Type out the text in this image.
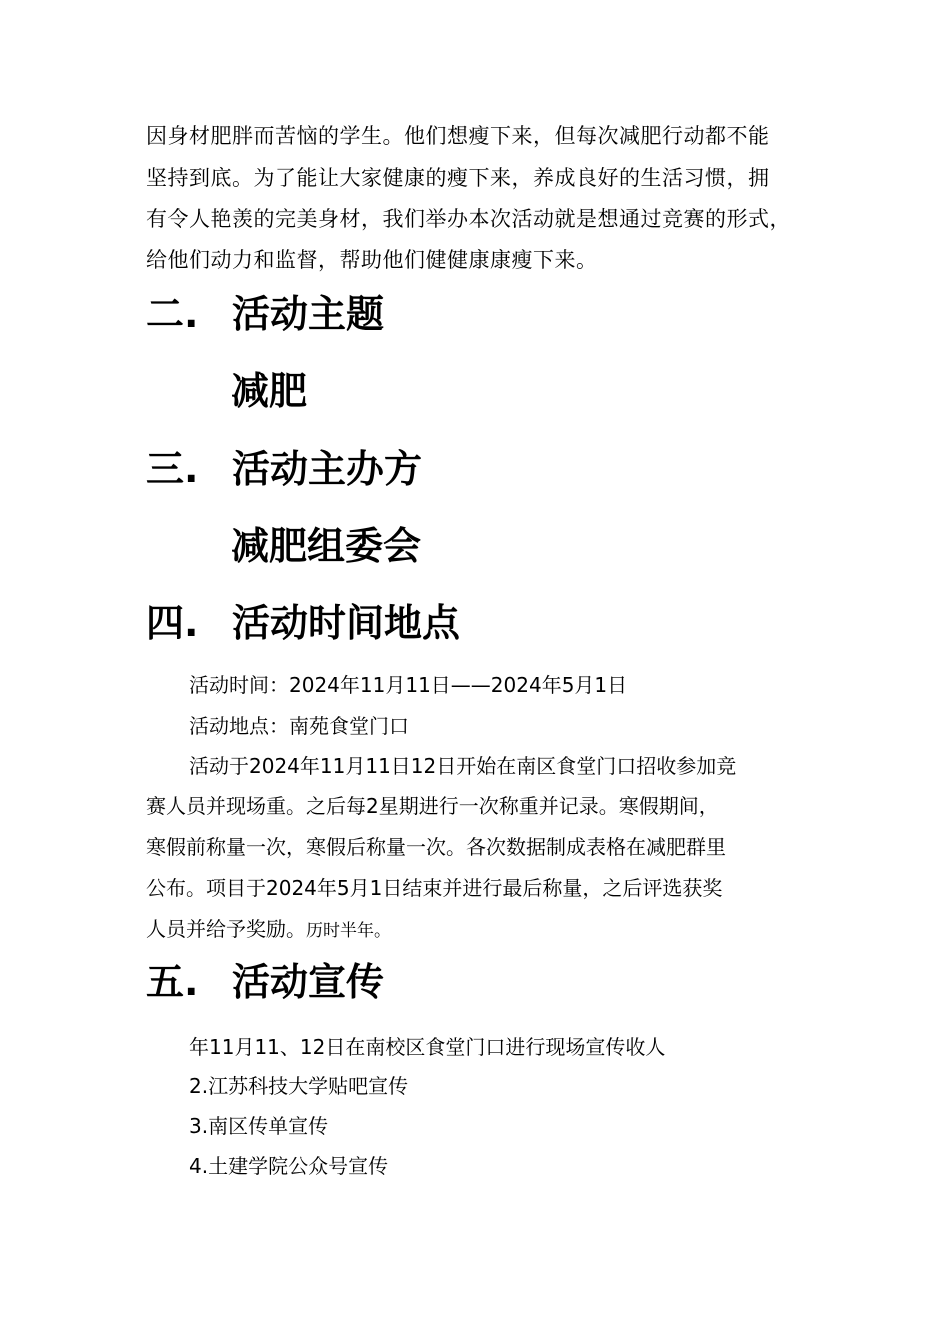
因身材肥胖而苦恼的学生。他们想瘦下来，但每次减肥行动都不能
坚持到底。为了能让大家健康的瘦下来，养成良好的生活习惯，拥
有令人艳羡的完美身材，我们举办本次活动就是想通过竞赛的形式，
给他们动力和监督，帮助他们健健康康瘦下来。
二. 活动主题
减肥
三. 活动主办方
减肥组委会
四. 活动时间地点
活动时间：2024年11月11日——2024年5月1日
活动地点：南苑食堂门口
活动于2024年11月11日12日开始在南区食堂门口招收参加竞
赛人员并现场重。之后每2星期进行一次称重并记录。寒假期间，
寒假前称量一次，寒假后称量一次。各次数据制成表格在减肥群里
公布。项目于2024年5月1日结束并进行最后称量，之后评选获奖
人员并给予奖励。历时半年。
五. 活动宣传
年11月11、12日在南校区食堂门口进行现场宣传收人
2.江苏科技大学贴吧宣传
3.南区传单宣传
4.土建学院公众号宣传
